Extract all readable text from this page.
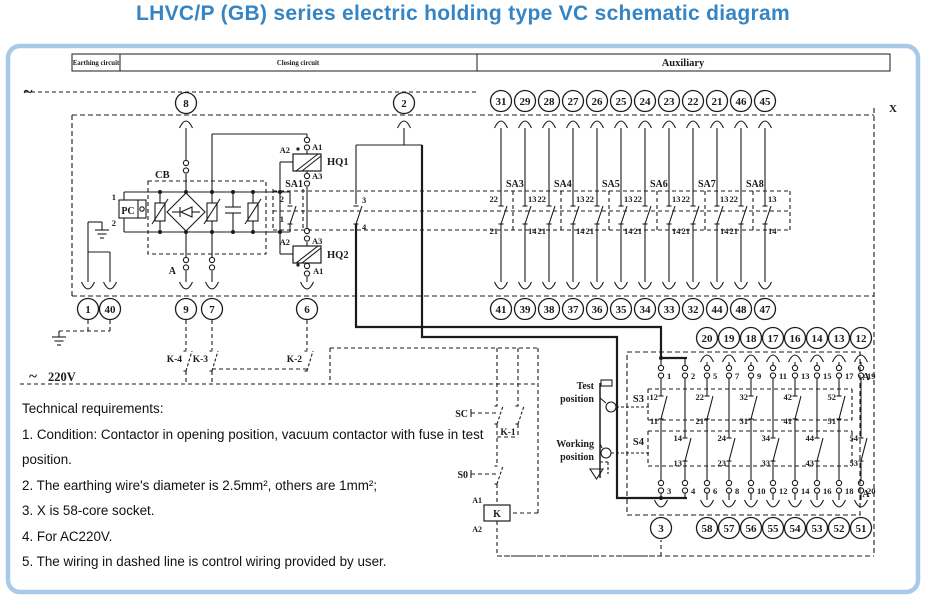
LHVC/P (GB) series electric holding type VC schematic diagram
Earthing circuit	Closing circuit	Auxiliary
~
X
8	2
9
A
CB
7
PC
1
2
1 40
A2	A1
HQ1
A3
A2	A3
A1
HQ2
6
SA1
2
1
3
4
K-4 K-3	K-2
~ 220V
SA3
31
41
22
21
29
39
13
14
SA4
28
38
22
21
27
37
13
14
SA5
26
36
22
21
25
35
13
14
SA6
24
34
22
21
23
33
13
14
SA7
22
32
22
21
21
44
13
14
SA8
46
48
22
21
45
47
13
14
SC
K-1
S0
K
A1
A2
Test
position
Working
position
S3
S4
A
A
1
12
11
3
3
2
14
13
4
20
5
22
21
6
58
19
7
24
23
8
57
18
9
32
31
10
56
17
11
34
33
12
55
16
13
42
41
14
54
14
15
44
43
16
53
13
17
52
51
18
52
12
19
54
53
20
51

Technical requirements:

1. Condition: Contactor in opening position, vacuum contactor with fuse in test

position.

2. The earthing wire's diameter is 2.5mm², others are 1mm²;

3. X is 58-core socket.

4. For AC220V.

5. The wiring in dashed line is control wiring provided by user.
